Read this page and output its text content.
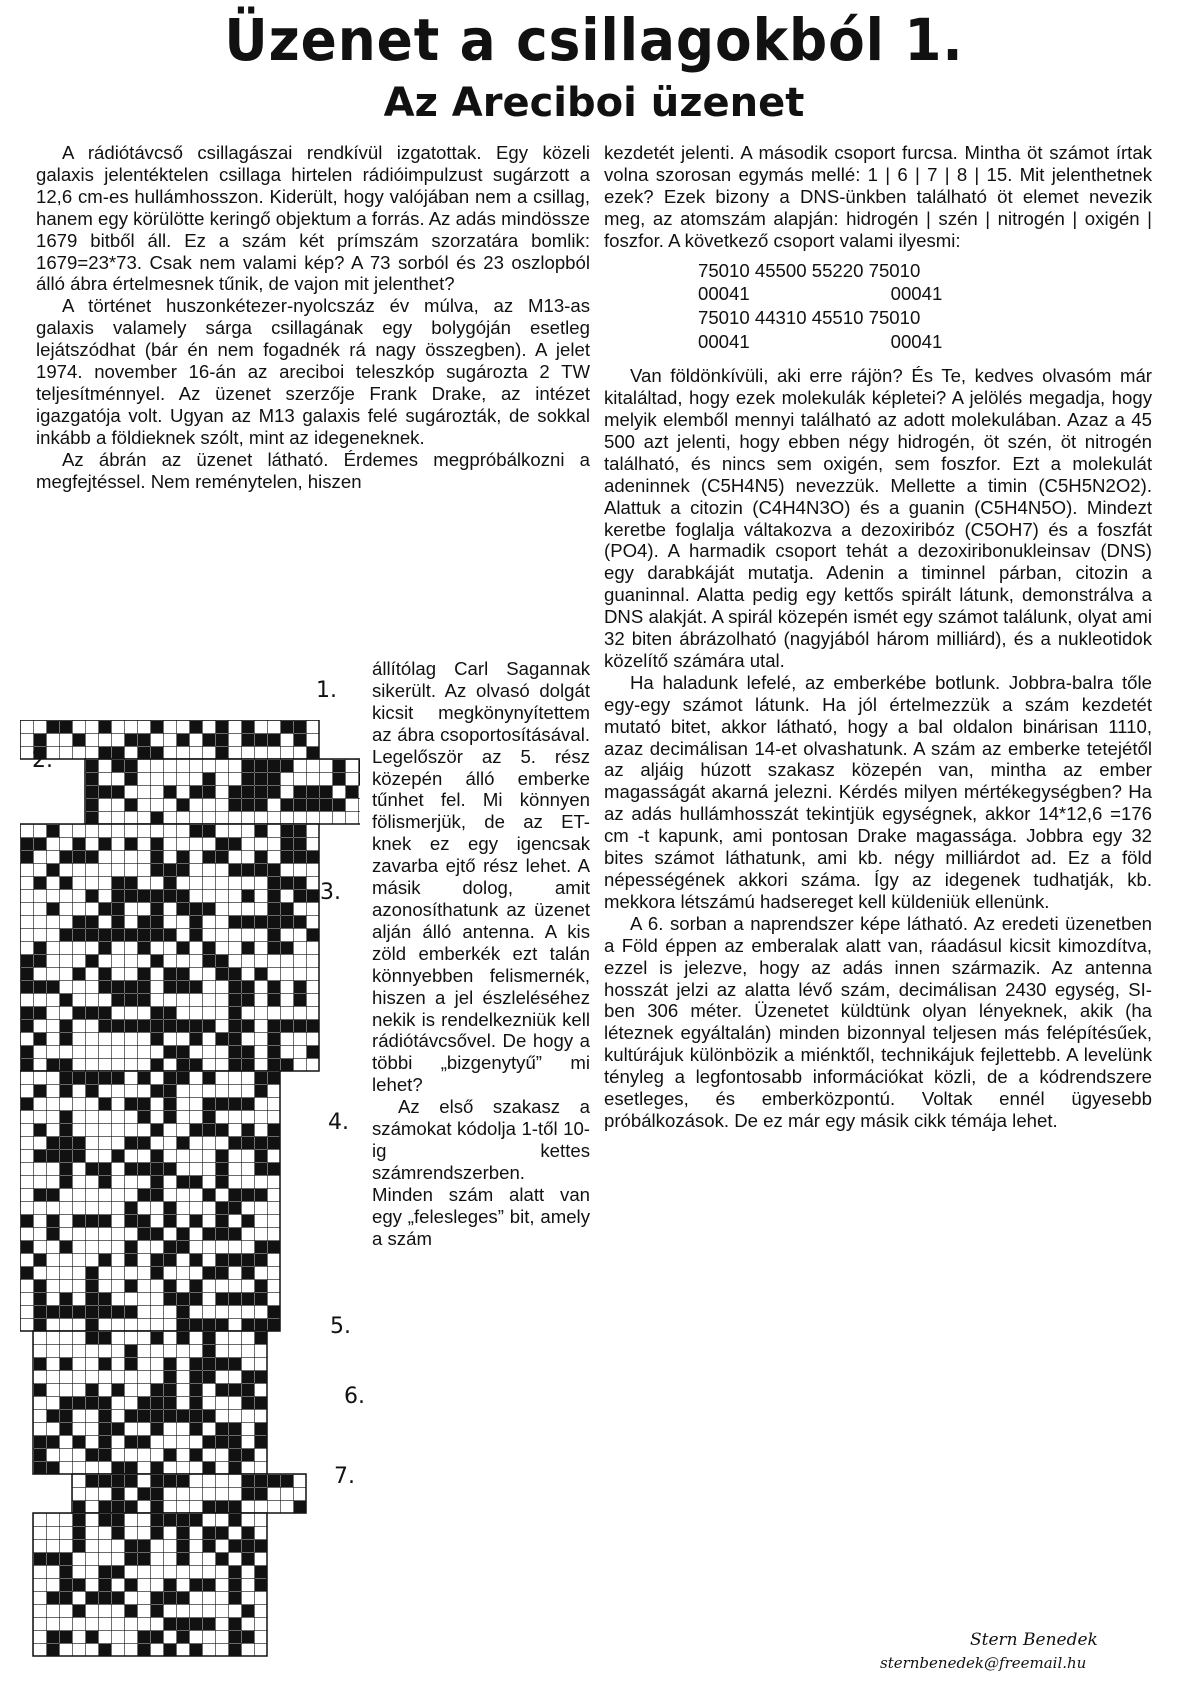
Üzenet a csillagokból 1.
Az Areciboi üzenet

A rádiótávcső csillagászai rendkívül izgatottak. Egy közeli galaxis jelentéktelen csillaga hirtelen rádióimpulzust sugárzott a 12,6 cm-es hullámhosszon. Kiderült, hogy valójában nem a csillag, hanem egy körülötte keringő objektum a forrás. Az adás mindössze 1679 bitből áll. Ez a szám két prímszám szorzatára bomlik: 1679=23*73. Csak nem valami kép? A 73 sorból és 23 oszlopból álló ábra értelmesnek tűnik, de vajon mit jelenthet?

A történet huszonkétezer-nyolcszáz év múlva, az M13-as galaxis valamely sárga csillagának egy bolygóján esetleg lejátszódhat (bár én nem fogadnék rá nagy összegben). A jelet 1974. november 16-án az areciboi teleszkóp sugározta 2 TW teljesítménnyel. Az üzenet szerzője Frank Drake, az intézet igazgatója volt. Ugyan az M13 galaxis felé sugározták, de sokkal inkább a földieknek szólt, mint az idegeneknek.

Az ábrán az üzenet látható. Érdemes megpróbálkozni a megfejtéssel. Nem reménytelen, hiszen

állítólag Carl Sagannak sikerült. Az olvasó dolgát kicsit megkönynyítettem az ábra csoportosításával. Legelőször az 5. rész közepén álló emberke tűnhet fel. Mi könnyen fölismerjük, de az ET-knek ez egy igencsak zavarba ejtő rész lehet. A másik dolog, amit azonosíthatunk az üzenet alján álló antenna. A kis zöld emberkék ezt talán könnyebben felismernék, hiszen a jel észleléséhez nekik is rendelkezniük kell rádiótávcsővel. De hogy a többi „bizgenytyű” mi lehet?

Az első szakasz a számokat kódolja 1-től 10-ig kettes számrendszerben. Minden szám alatt van egy „felesleges” bit, amely a szám

kezdetét jelenti. A második csoport furcsa. Mintha öt számot írtak volna szorosan egymás mellé: 1 | 6 | 7 | 8 | 15. Mit jelenthetnek ezek? Ezek bizony a DNS-ünkben található öt elemet nevezik meg, az atomszám alapján: hidrogén | szén | nitrogén | oxigén | foszfor. A következő csoport valami ilyesmi:

75010 45500 55220 75010	
00041	00041
75010 44310 45510 75010	
00041	00041

Van földönkívüli, aki erre rájön? És Te, kedves olvasóm már kitaláltad, hogy ezek molekulák képletei? A jelölés megadja, hogy melyik elemből mennyi található az adott molekulában. Azaz a 45 500 azt jelenti, hogy ebben négy hidrogén, öt szén, öt nitrogén található, és nincs sem oxigén, sem foszfor. Ezt a molekulát adeninnek (C5H4N5) nevezzük. Mellette a timin (C5H5N2O2). Alattuk a citozin (C4H4N3O) és a guanin (C5H4N5O). Mindezt keretbe foglalja váltakozva a dezoxiribóz (C5OH7) és a foszfát (PO4). A harmadik csoport tehát a dezoxiribonukleinsav (DNS) egy darabkáját mutatja. Adenin a timinnel párban, citozin a guaninnal. Alatta pedig egy kettős spirált látunk, demonstrálva a DNS alakját. A spirál közepén ismét egy számot találunk, olyat ami 32 biten ábrázolható (nagyjából három milliárd), és a nukleotidok közelítő számára utal.

Ha haladunk lefelé, az emberkébe botlunk. Jobbra-balra tőle egy-egy számot látunk. Ha jól értelmezzük a szám kezdetét mutató bitet, akkor látható, hogy a bal oldalon binárisan 1110, azaz decimálisan 14-et olvashatunk. A szám az emberke tetejétől az aljáig húzott szakasz közepén van, mintha az ember magasságát akarná jelezni. Kérdés milyen mértékegységben? Ha az adás hullámhosszát tekintjük egységnek, akkor 14*12,6 =176 cm -t kapunk, ami pontosan Drake magassága. Jobbra egy 32 bites számot láthatunk, ami kb. négy milliárdot ad. Ez a föld népességének akkori száma. Így az idegenek tudhatják, kb. mekkora létszámú hadsereget kell küldeniük ellenünk.

A 6. sorban a naprendszer képe látható. Az eredeti üzenetben a Föld éppen az emberalak alatt van, ráadásul kicsit kimozdítva, ezzel is jelezve, hogy az adás innen származik. Az antenna hosszát jelzi az alatta lévő szám, decimálisan 2430 egység, SI-ben 306 méter. Üzenetet küldtünk olyan lényeknek, akik (ha léteznek egyáltalán) minden bizonnyal teljesen más felépítésűek, kultúrájuk különbözik a miénktől, technikájuk fejlettebb. A levelünk tényleg a legfontosabb információkat közli, de a kódrendszere esetleges, és emberközpontú. Voltak ennél ügyesebb próbálkozások. De ez már egy másik cikk témája lehet.

1.
2.
3.
4.
5.
6.
7.
Stern Benedek
sternbenedek@freemail.hu
